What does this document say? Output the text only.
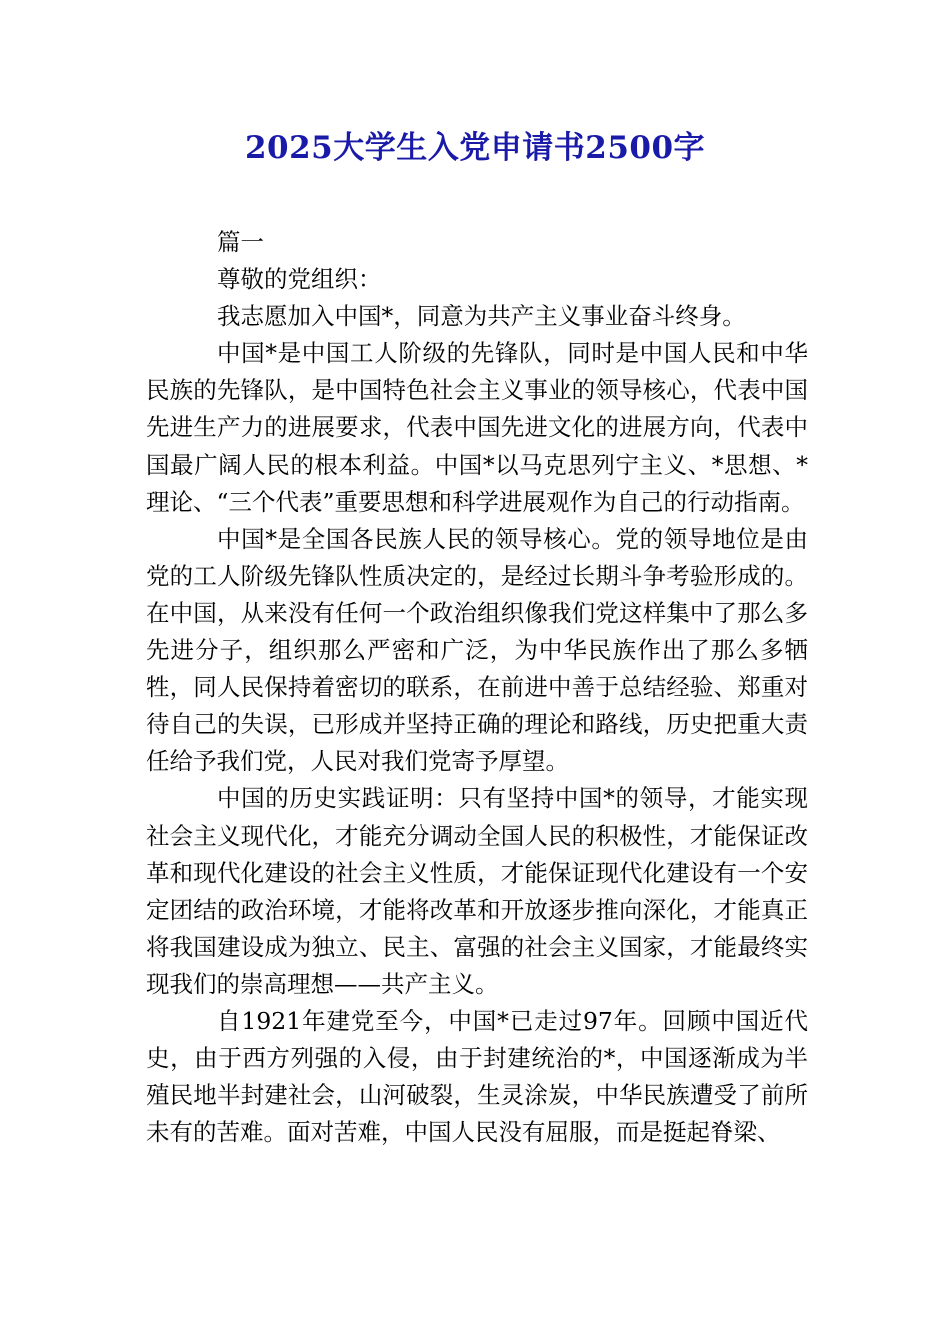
2025大学生入党申请书2500字

篇一

尊敬的党组织：

我志愿加入中国*，同意为共产主义事业奋斗终身。

中国*是中国工人阶级的先锋队，同时是中国人民和中华民族的先锋队，是中国特色社会主义事业的领导核心，代表中国先进生产力的进展要求，代表中国先进文化的进展方向，代表中国最广阔人民的根本利益。中国*以马克思列宁主义、*思想、*理论、“三个代表”重要思想和科学进展观作为自己的行动指南。

中国*是全国各民族人民的领导核心。党的领导地位是由党的工人阶级先锋队性质决定的，是经过长期斗争考验形成的。在中国，从来没有任何一个政治组织像我们党这样集中了那么多先进分子，组织那么严密和广泛，为中华民族作出了那么多牺牲，同人民保持着密切的联系，在前进中善于总结经验、郑重对待自己的失误，已形成并坚持正确的理论和路线，历史把重大责任给予我们党，人民对我们党寄予厚望。

中国的历史实践证明：只有坚持中国*的领导，才能实现社会主义现代化，才能充分调动全国人民的积极性，才能保证改革和现代化建设的社会主义性质，才能保证现代化建设有一个安定团结的政治环境，才能将改革和开放逐步推向深化，才能真正将我国建设成为独立、民主、富强的社会主义国家，才能最终实现我们的崇高理想——共产主义。

自1921年建党至今，中国*已走过97年。回顾中国近代史，由于西方列强的入侵，由于封建统治的*，中国逐渐成为半殖民地半封建社会，山河破裂，生灵涂炭，中华民族遭受了前所未有的苦难。面对苦难，中国人民没有屈服，而是挺起脊梁、
